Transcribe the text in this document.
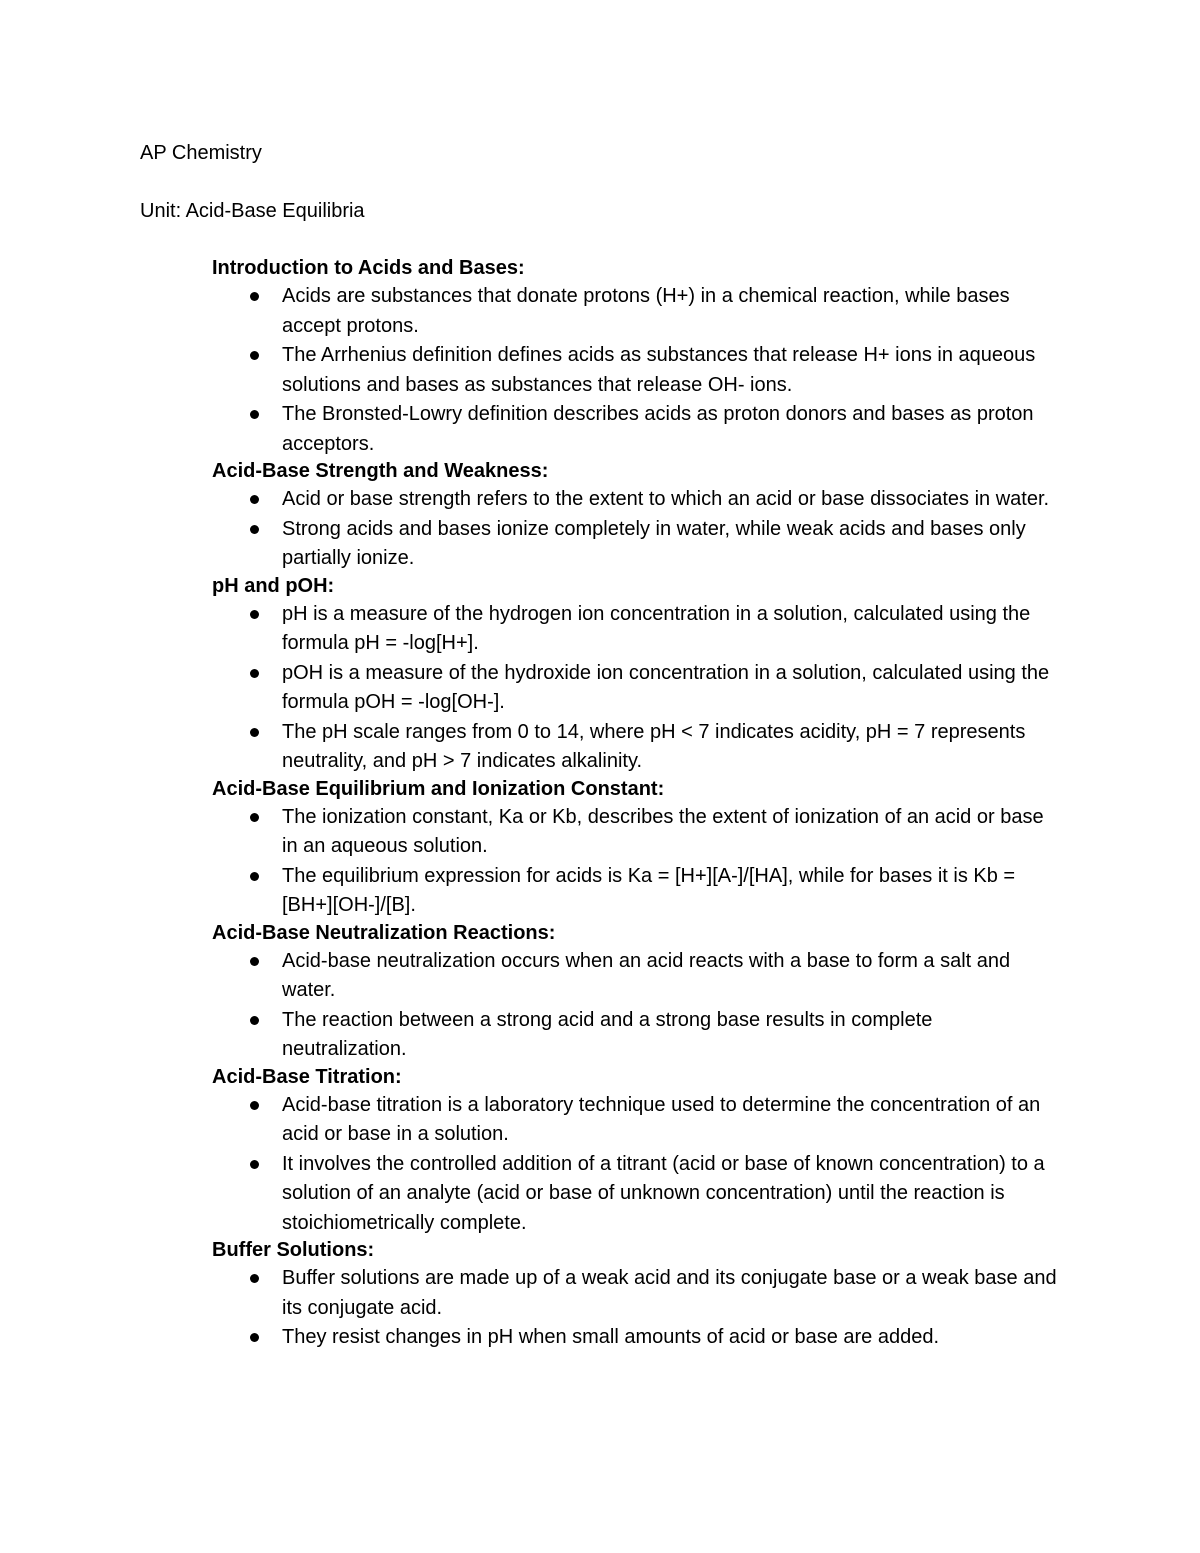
AP Chemistry
Unit: Acid-Base Equilibria
Introduction to Acids and Bases:
Acids are substances that donate protons (H+) in a chemical reaction, while bases accept protons.
The Arrhenius definition defines acids as substances that release H+ ions in aqueous solutions and bases as substances that release OH- ions.
The Bronsted-Lowry definition describes acids as proton donors and bases as proton acceptors.
Acid-Base Strength and Weakness:
Acid or base strength refers to the extent to which an acid or base dissociates in water.
Strong acids and bases ionize completely in water, while weak acids and bases only partially ionize.
pH and pOH:
pH is a measure of the hydrogen ion concentration in a solution, calculated using the formula pH = -log[H+].
pOH is a measure of the hydroxide ion concentration in a solution, calculated using the formula pOH = -log[OH-].
The pH scale ranges from 0 to 14, where pH < 7 indicates acidity, pH = 7 represents neutrality, and pH > 7 indicates alkalinity.
Acid-Base Equilibrium and Ionization Constant:
The ionization constant, Ka or Kb, describes the extent of ionization of an acid or base in an aqueous solution.
The equilibrium expression for acids is Ka = [H+][A-]/[HA], while for bases it is Kb = [BH+][OH-]/[B].
Acid-Base Neutralization Reactions:
Acid-base neutralization occurs when an acid reacts with a base to form a salt and water.
The reaction between a strong acid and a strong base results in complete neutralization.
Acid-Base Titration:
Acid-base titration is a laboratory technique used to determine the concentration of an acid or base in a solution.
It involves the controlled addition of a titrant (acid or base of known concentration) to a solution of an analyte (acid or base of unknown concentration) until the reaction is stoichiometrically complete.
Buffer Solutions:
Buffer solutions are made up of a weak acid and its conjugate base or a weak base and its conjugate acid.
They resist changes in pH when small amounts of acid or base are added.
